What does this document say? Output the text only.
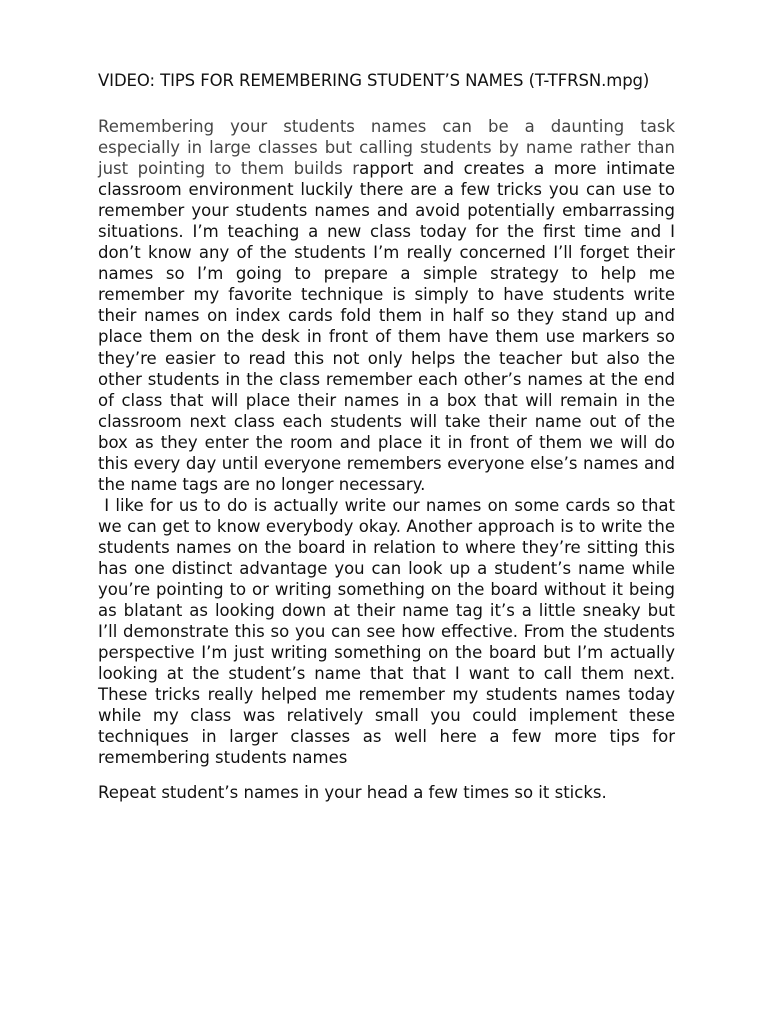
VIDEO: TIPS FOR REMEMBERING STUDENT’S NAMES (T-TFRSN.mpg)

Remembering your students names can be a daunting task especially in large classes but calling students by name rather than just pointing to them builds rapport and creates a more intimate classroom environment luckily there are a few tricks you can use to remember your students names and avoid potentially embarrassing situations. I’m teaching a new class today for the first time and I don’t know any of the students I’m really concerned I’ll forget their names so I’m going to prepare a simple strategy to help me remember my favorite technique is simply to have students write their names on index cards fold them in half so they stand up and place them on the desk in front of them have them use markers so they’re easier to read this not only helps the teacher but also the other students in the class remember each other’s names at the end of class that will place their names in a box that will remain in the classroom next class each students will take their name out of the box as they enter the room and place it in front of them we will do this every day until everyone remembers everyone else’s names and the name tags are no longer necessary.

I like for us to do is actually write our names on some cards so that we can get to know everybody okay. Another approach is to write the students names on the board in relation to where they’re sitting this has one distinct advantage you can look up a student’s name while you’re pointing to or writing something on the board without it being as blatant as looking down at their name tag it’s a little sneaky but I’ll demonstrate this so you can see how effective. From the students perspective I’m just writing something on the board but I’m actually looking at the student’s name that that I want to call them next. These tricks really helped me remember my students names today while my class was relatively small you could implement these techniques in larger classes as well here a few more tips for remembering students names

Repeat student’s names in your head a few times so it sticks.
